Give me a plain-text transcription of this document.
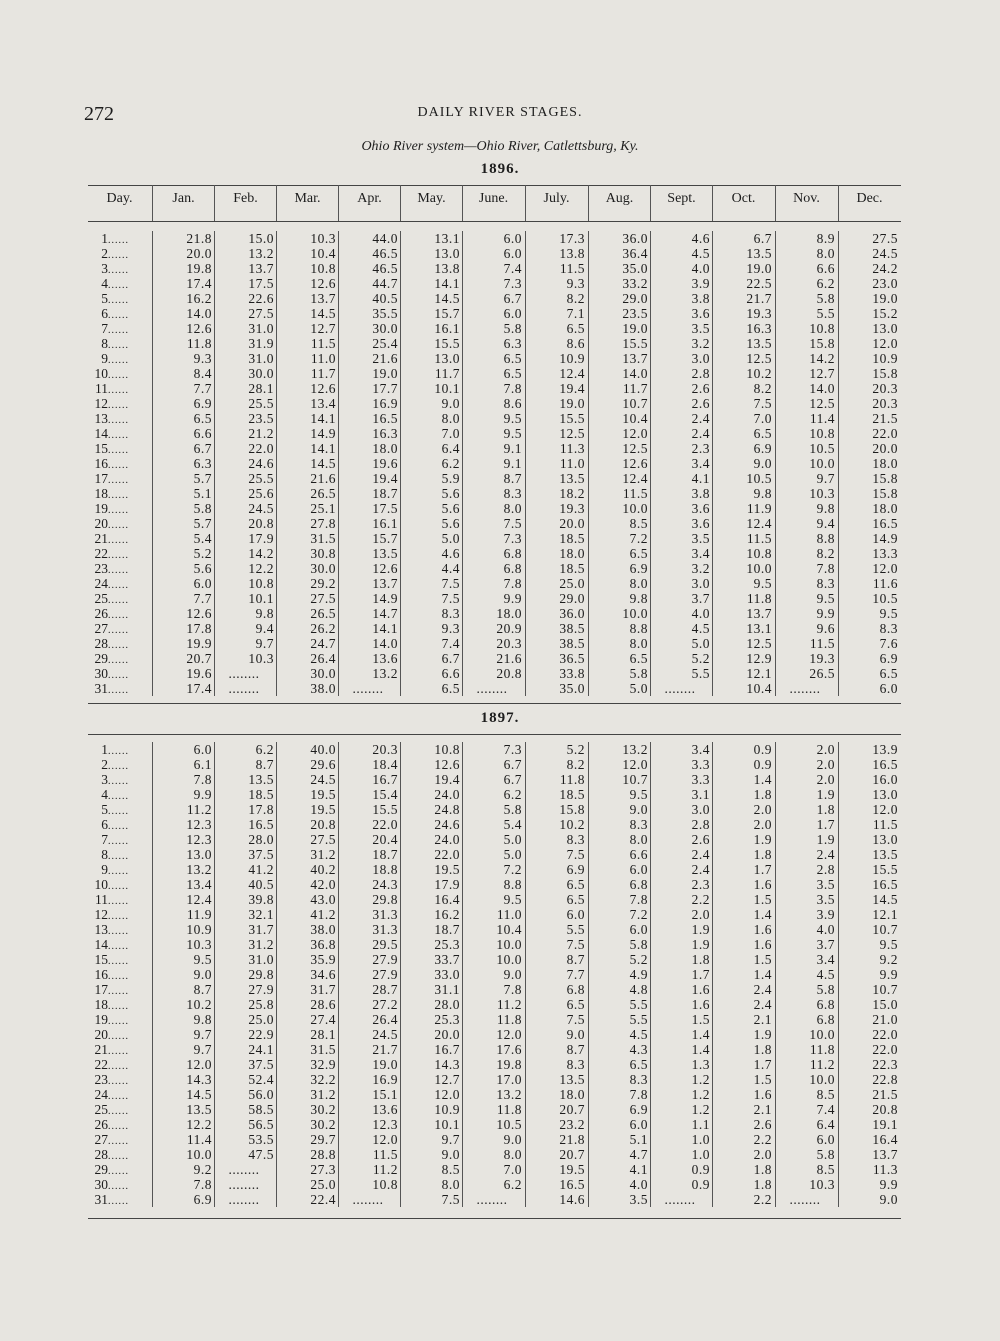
272	DAILY RIVER STAGES.
Ohio River system—Ohio River, Catlettsburg, Ky.
Day.	Jan.	Feb.	Mar.	Apr.	May.	June.	July.	Aug.	Sept.	Oct.	Nov.	Dec.
1896.
1......	21.8	15.0	10.3	44.0	13.1	6.0	17.3	36.0	4.6	6.7	8.9	27.5
2......	20.0	13.2	10.4	46.5	13.0	6.0	13.8	36.4	4.5	13.5	8.0	24.5
3......	19.8	13.7	10.8	46.5	13.8	7.4	11.5	35.0	4.0	19.0	6.6	24.2
4......	17.4	17.5	12.6	44.7	14.1	7.3	9.3	33.2	3.9	22.5	6.2	23.0
5......	16.2	22.6	13.7	40.5	14.5	6.7	8.2	29.0	3.8	21.7	5.8	19.0
6......	14.0	27.5	14.5	35.5	15.7	6.0	7.1	23.5	3.6	19.3	5.5	15.2
7......	12.6	31.0	12.7	30.0	16.1	5.8	6.5	19.0	3.5	16.3	10.8	13.0
8......	11.8	31.9	11.5	25.4	15.5	6.3	8.6	15.5	3.2	13.5	15.8	12.0
9......	9.3	31.0	11.0	21.6	13.0	6.5	10.9	13.7	3.0	12.5	14.2	10.9
10......	8.4	30.0	11.7	19.0	11.7	6.5	12.4	14.0	2.8	10.2	12.7	15.8
11......	7.7	28.1	12.6	17.7	10.1	7.8	19.4	11.7	2.6	8.2	14.0	20.3
12......	6.9	25.5	13.4	16.9	9.0	8.6	19.0	10.7	2.6	7.5	12.5	20.3
13......	6.5	23.5	14.1	16.5	8.0	9.5	15.5	10.4	2.4	7.0	11.4	21.5
14......	6.6	21.2	14.9	16.3	7.0	9.5	12.5	12.0	2.4	6.5	10.8	22.0
15......	6.7	22.0	14.1	18.0	6.4	9.1	11.3	12.5	2.3	6.9	10.5	20.0
16......	6.3	24.6	14.5	19.6	6.2	9.1	11.0	12.6	3.4	9.0	10.0	18.0
17......	5.7	25.5	21.6	19.4	5.9	8.7	13.5	12.4	4.1	10.5	9.7	15.8
18......	5.1	25.6	26.5	18.7	5.6	8.3	18.2	11.5	3.8	9.8	10.3	15.8
19......	5.8	24.5	25.1	17.5	5.6	8.0	19.3	10.0	3.6	11.9	9.8	18.0
20......	5.7	20.8	27.8	16.1	5.6	7.5	20.0	8.5	3.6	12.4	9.4	16.5
21......	5.4	17.9	31.5	15.7	5.0	7.3	18.5	7.2	3.5	11.5	8.8	14.9
22......	5.2	14.2	30.8	13.5	4.6	6.8	18.0	6.5	3.4	10.8	8.2	13.3
23......	5.6	12.2	30.0	12.6	4.4	6.8	18.5	6.9	3.2	10.0	7.8	12.0
24......	6.0	10.8	29.2	13.7	7.5	7.8	25.0	8.0	3.0	9.5	8.3	11.6
25......	7.7	10.1	27.5	14.9	7.5	9.9	29.0	9.8	3.7	11.8	9.5	10.5
26......	12.6	9.8	26.5	14.7	8.3	18.0	36.0	10.0	4.0	13.7	9.9	9.5
27......	17.8	9.4	26.2	14.1	9.3	20.9	38.5	8.8	4.5	13.1	9.6	8.3
28......	19.9	9.7	24.7	14.0	7.4	20.3	38.5	8.0	5.0	12.5	11.5	7.6
29......	20.7	10.3	26.4	13.6	6.7	21.6	36.5	6.5	5.2	12.9	19.3	6.9
30......	19.6	........	30.0	13.2	6.6	20.8	33.8	5.8	5.5	12.1	26.5	6.5
31......	17.4	........	38.0	........	6.5	........	35.0	5.0	........	10.4	........	6.0
1897.
1......	6.0	6.2	40.0	20.3	10.8	7.3	5.2	13.2	3.4	0.9	2.0	13.9
2......	6.1	8.7	29.6	18.4	12.6	6.7	8.2	12.0	3.3	0.9	2.0	16.5
3......	7.8	13.5	24.5	16.7	19.4	6.7	11.8	10.7	3.3	1.4	2.0	16.0
4......	9.9	18.5	19.5	15.4	24.0	6.2	18.5	9.5	3.1	1.8	1.9	13.0
5......	11.2	17.8	19.5	15.5	24.8	5.8	15.8	9.0	3.0	2.0	1.8	12.0
6......	12.3	16.5	20.8	22.0	24.6	5.4	10.2	8.3	2.8	2.0	1.7	11.5
7......	12.3	28.0	27.5	20.4	24.0	5.0	8.3	8.0	2.6	1.9	1.9	13.0
8......	13.0	37.5	31.2	18.7	22.0	5.0	7.5	6.6	2.4	1.8	2.4	13.5
9......	13.2	41.2	40.2	18.8	19.5	7.2	6.9	6.0	2.4	1.7	2.8	15.5
10......	13.4	40.5	42.0	24.3	17.9	8.8	6.5	6.8	2.3	1.6	3.5	16.5
11......	12.4	39.8	43.0	29.8	16.4	9.5	6.5	7.8	2.2	1.5	3.5	14.5
12......	11.9	32.1	41.2	31.3	16.2	11.0	6.0	7.2	2.0	1.4	3.9	12.1
13......	10.9	31.7	38.0	31.3	18.7	10.4	5.5	6.0	1.9	1.6	4.0	10.7
14......	10.3	31.2	36.8	29.5	25.3	10.0	7.5	5.8	1.9	1.6	3.7	9.5
15......	9.5	31.0	35.9	27.9	33.7	10.0	8.7	5.2	1.8	1.5	3.4	9.2
16......	9.0	29.8	34.6	27.9	33.0	9.0	7.7	4.9	1.7	1.4	4.5	9.9
17......	8.7	27.9	31.7	28.7	31.1	7.8	6.8	4.8	1.6	2.4	5.8	10.7
18......	10.2	25.8	28.6	27.2	28.0	11.2	6.5	5.5	1.6	2.4	6.8	15.0
19......	9.8	25.0	27.4	26.4	25.3	11.8	7.5	5.5	1.5	2.1	6.8	21.0
20......	9.7	22.9	28.1	24.5	20.0	12.0	9.0	4.5	1.4	1.9	10.0	22.0
21......	9.7	24.1	31.5	21.7	16.7	17.6	8.7	4.3	1.4	1.8	11.8	22.0
22......	12.0	37.5	32.9	19.0	14.3	19.8	8.3	6.5	1.3	1.7	11.2	22.3
23......	14.3	52.4	32.2	16.9	12.7	17.0	13.5	8.3	1.2	1.5	10.0	22.8
24......	14.5	56.0	31.2	15.1	12.0	13.2	18.0	7.8	1.2	1.6	8.5	21.5
25......	13.5	58.5	30.2	13.6	10.9	11.8	20.7	6.9	1.2	2.1	7.4	20.8
26......	12.2	56.5	30.2	12.3	10.1	10.5	23.2	6.0	1.1	2.6	6.4	19.1
27......	11.4	53.5	29.7	12.0	9.7	9.0	21.8	5.1	1.0	2.2	6.0	16.4
28......	10.0	47.5	28.8	11.5	9.0	8.0	20.7	4.7	1.0	2.0	5.8	13.7
29......	9.2	........	27.3	11.2	8.5	7.0	19.5	4.1	0.9	1.8	8.5	11.3
30......	7.8	........	25.0	10.8	8.0	6.2	16.5	4.0	0.9	1.8	10.3	9.9
31......	6.9	........	22.4	........	7.5	........	14.6	3.5	........	2.2	........	9.0
